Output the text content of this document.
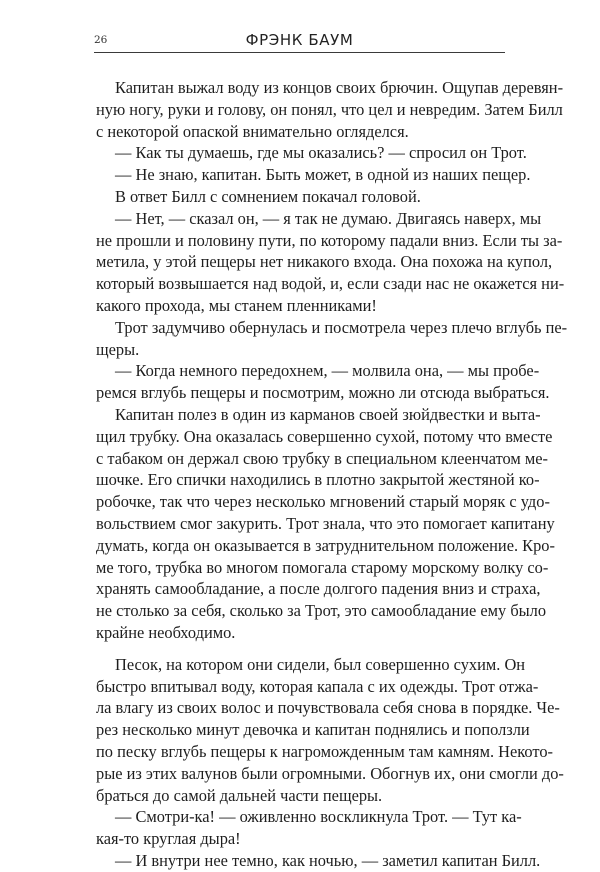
26	ФРЭНК БАУМ
Капитан выжал воду из концов своих брючин. Ощупав деревян-
ную ногу, руки и голову, он понял, что цел и невредим. Затем Билл
с некоторой опаской внимательно огляделся.
— Как ты думаешь, где мы оказались? — спросил он Трот.
— Не знаю, капитан. Быть может, в одной из наших пещер.
В ответ Билл с сомнением покачал головой.
— Нет, — сказал он, — я так не думаю. Двигаясь наверх, мы
не прошли и половину пути, по которому падали вниз. Если ты за-
метила, у этой пещеры нет никакого входа. Она похожа на купол,
который возвышается над водой, и, если сзади нас не окажется ни-
какого прохода, мы станем пленниками!
Трот задумчиво обернулась и посмотрела через плечо вглубь пе-
щеры.
— Когда немного передохнем, — молвила она, — мы пробе-
ремся вглубь пещеры и посмотрим, можно ли отсюда выбраться.
Капитан полез в один из карманов своей зюйдвестки и выта-
щил трубку. Она оказалась совершенно сухой, потому что вместе
с табаком он держал свою трубку в специальном клеенчатом ме-
шочке. Его спички находились в плотно закрытой жестяной ко-
робочке, так что через несколько мгновений старый моряк с удо-
вольствием смог закурить. Трот знала, что это помогает капитану
думать, когда он оказывается в затруднительном положение. Кро-
ме того, трубка во многом помогала старому морскому волку со-
хранять самообладание, а после долгого падения вниз и страха,
не столько за себя, сколько за Трот, это самообладание ему было
крайне необходимо.
Песок, на котором они сидели, был совершенно сухим. Он
быстро впитывал воду, которая капала с их одежды. Трот отжа-
ла влагу из своих волос и почувствовала себя снова в порядке. Че-
рез несколько минут девочка и капитан поднялись и поползли
по песку вглубь пещеры к нагроможденным там камням. Некото-
рые из этих валунов были огромными. Обогнув их, они смогли до-
браться до самой дальней части пещеры.
— Смотри-ка! — оживленно воскликнула Трот. — Тут ка-
кая-то круглая дыра!
— И внутри нее темно, как ночью, — заметил капитан Билл.
